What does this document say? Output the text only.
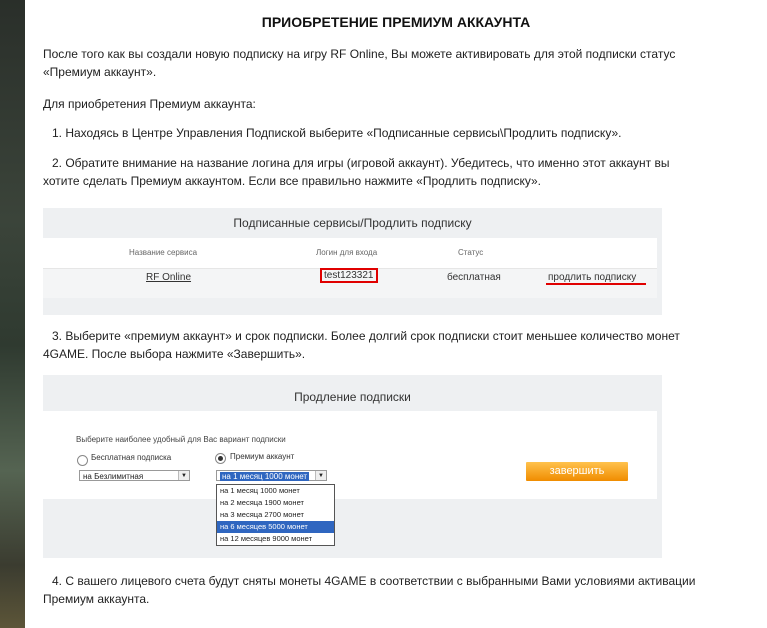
ПРИОБРЕТЕНИЕ ПРЕМИУМ АККАУНТА
После того как вы создали новую подписку на игру RF Online, Вы можете активировать для этой подписки статус «Премиум аккаунт».
Для приобретения Премиум аккаунта:
1. Находясь в Центре Управления Подпиской выберите «Подписанные сервисы\Продлить подписку».
2. Обратите внимание на название логина для игры (игровой аккаунт). Убедитесь, что именно этот аккаунт вы хотите сделать Премиум аккаунтом. Если все правильно нажмите «Продлить подписку».
Подписанные сервисы/Продлить подписку
Название сервиса	Логин для входа	Статус
RF Online	test123321	бесплатная	продлить подписку
3. Выберите «премиум аккаунт» и срок подписки. Более долгий срок подписки стоит меньшее количество монет 4GAME. После выбора нажмите «Завершить».
Продление подписки
Выберите наиболее удобный для Вас вариант подписки
Бесплатная подписка	Премиум аккаунт
на Безлимитная	▼	на 1 месяц 1000 монет	▼
на 1 месяц 1000 монет
на 2 месяца 1900 монет
на 3 месяца 2700 монет
на 6 месяцев 5000 монет
на 12 месяцев 9000 монет
завершить
4. С вашего лицевого счета будут сняты монеты 4GAME в соответствии с выбранными Вами условиями активации Премиум аккаунта.
